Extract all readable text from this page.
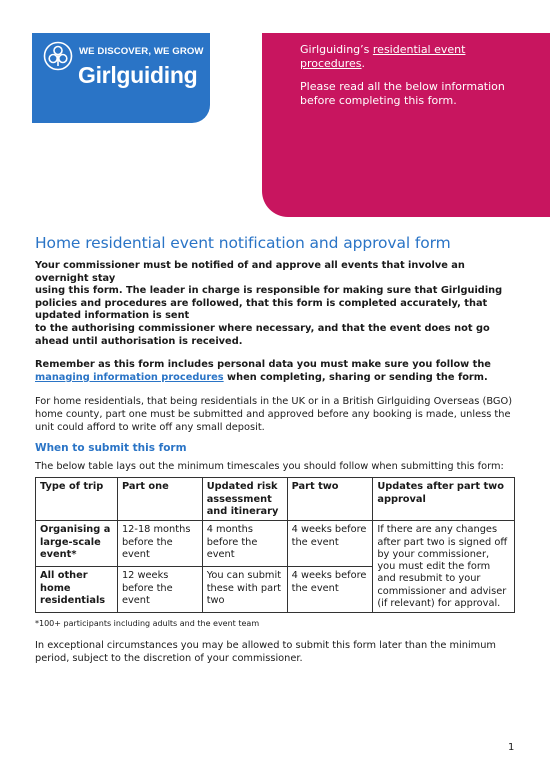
Girlguiding’s residential event procedures.

Please read all the below information before completing this form.

WE DISCOVER, WE GROW
Girlguiding
Home residential event notification and approval form

Your commissioner must be notified of and approve all events that involve an overnight stay
using this form. The leader in charge is responsible for making sure that Girlguiding policies and procedures are followed, that this form is completed accurately, that updated information is sent
to the authorising commissioner where necessary, and that the event does not go ahead until authorisation is received.

Remember as this form includes personal data you must make sure you follow the managing information procedures when completing, sharing or sending the form.

For home residentials, that being residentials in the UK or in a British Girlguiding Overseas (BGO) home county, part one must be submitted and approved before any booking is made, unless the unit could afford to write off any small deposit.

When to submit this form

The below table lays out the minimum timescales you should follow when submitting this form:

Type of trip	Part one	Updated risk assessment and itinerary	Part two	Updates after part two approval
Organising a large-scale event*	12-18 months before the event	4 months before the event	4 weeks before the event	If there are any changes after part two is signed off by your commissioner, you must edit the form and resubmit to your commissioner and adviser (if relevant) for approval.
All other home residentials	12 weeks before the event	You can submit these with part two	4 weeks before the event	

*100+ participants including adults and the event team

In exceptional circumstances you may be allowed to submit this form later than the minimum period, subject to the discretion of your commissioner.

1
